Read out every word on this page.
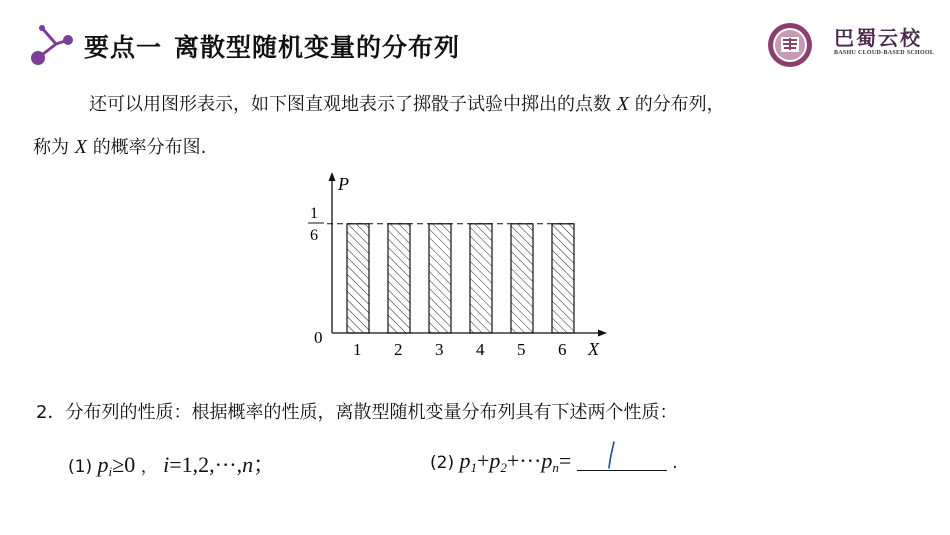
要点一 离散型随机变量的分布列	巴蜀云校
BASHU CLOUD-BASED SCHOOL
还可以用图形表示，如下图直观地表示了掷骰子试验中掷出的点数 X 的分布列，
称为 X 的概率分布图.
P
X
0
1
6
1 2 3 4 5 6
2．分布列的性质：根据概率的性质，离散型随机变量分布列具有下述两个性质：
(1) $p_i\ge 0$ ， i=1,2,···,n；	(2) $p_1+p_2+\cdot\cdot\cdot p_n=$	.
